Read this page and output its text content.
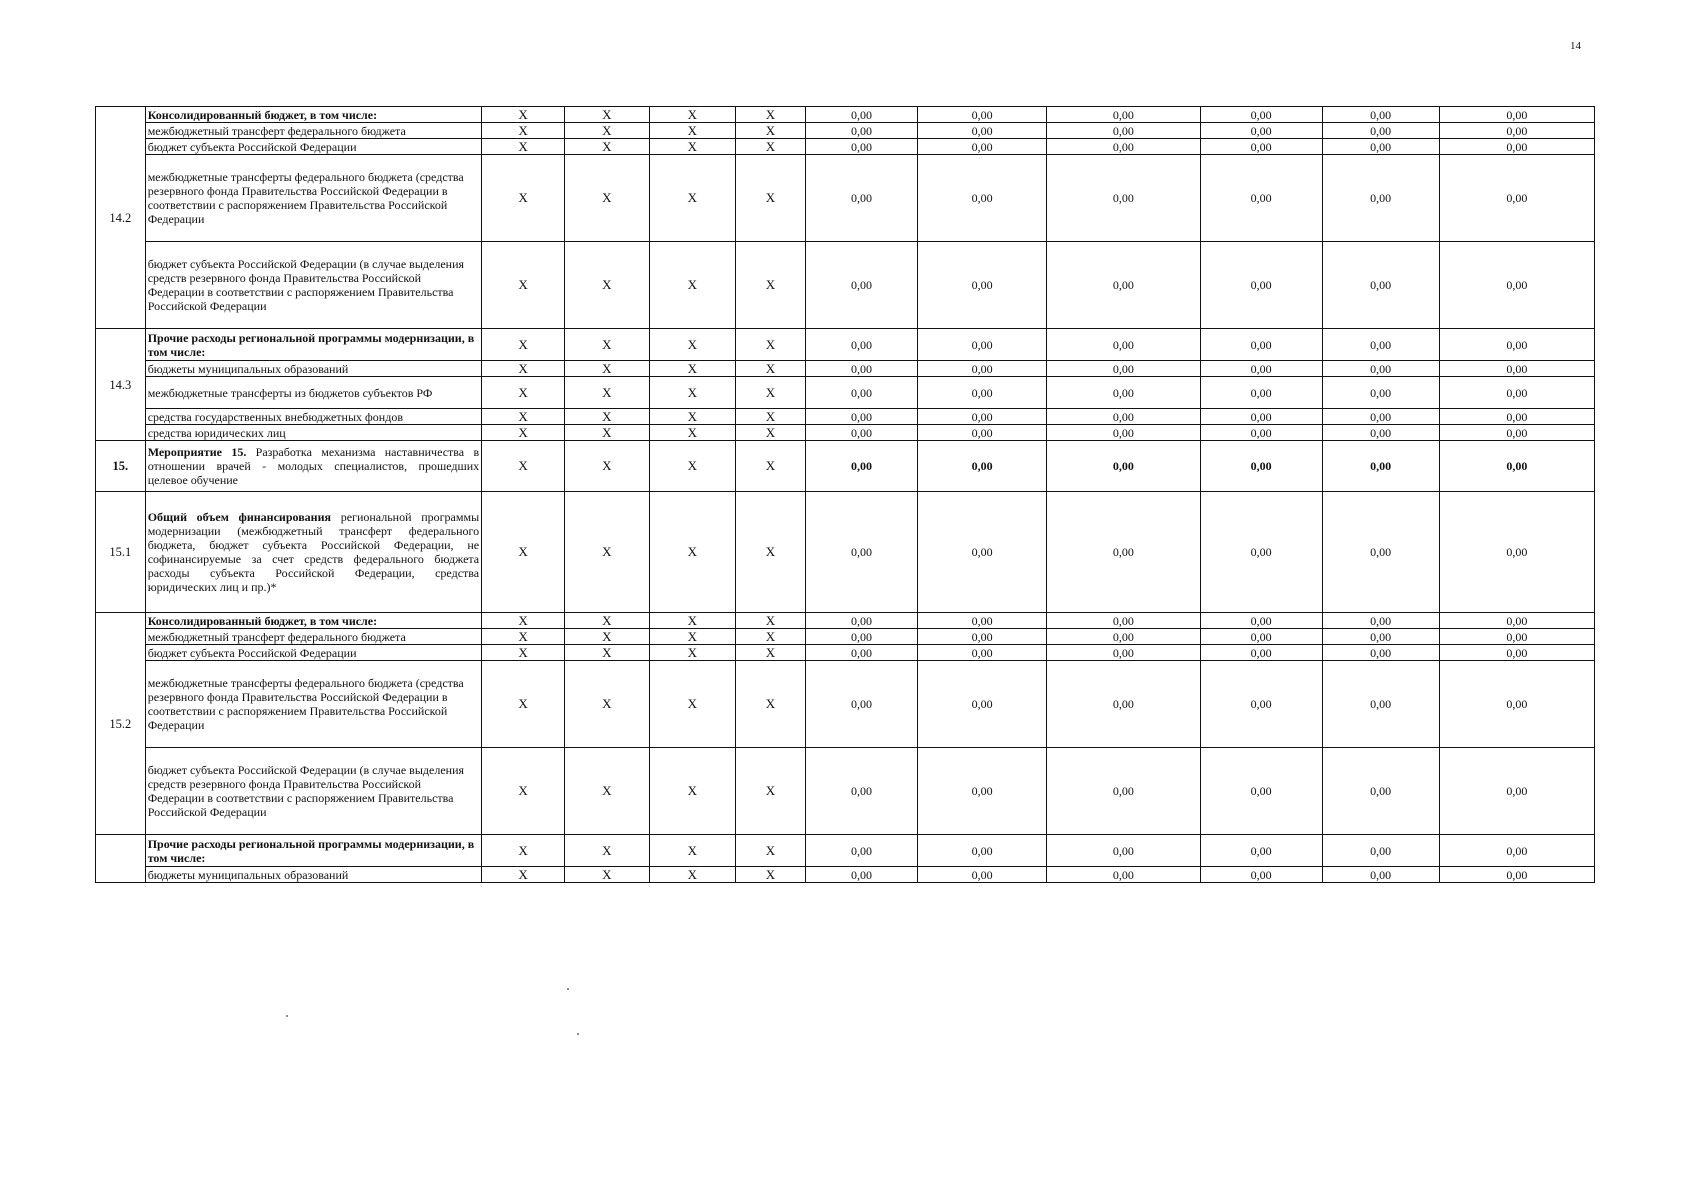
14
14.2	Консолидированный бюджет, в том числе:	X	X	X	X	0,00	0,00	0,00	0,00	0,00	0,00
	межбюджетный трансферт федерального бюджета	X	X	X	X	0,00	0,00	0,00	0,00	0,00	0,00
	бюджет субъекта Российской Федерации	X	X	X	X	0,00	0,00	0,00	0,00	0,00	0,00
	межбюджетные трансферты федерального бюджета (средства резервного фонда Правительства Российской Федерации в соответствии с распоряжением Правительства Российской Федерации	X	X	X	X	0,00	0,00	0,00	0,00	0,00	0,00
	бюджет субъекта Российской Федерации (в случае выделения средств резервного фонда Правительства Российской Федерации в соответствии с распоряжением Правительства Российской Федерации	X	X	X	X	0,00	0,00	0,00	0,00	0,00	0,00
14.3	Прочие расходы региональной программы модернизации, в том числе:	X	X	X	X	0,00	0,00	0,00	0,00	0,00	0,00
	бюджеты муниципальных образований	X	X	X	X	0,00	0,00	0,00	0,00	0,00	0,00
	межбюджетные трансферты из бюджетов субъектов РФ	X	X	X	X	0,00	0,00	0,00	0,00	0,00	0,00
	средства государственных внебюджетных фондов	X	X	X	X	0,00	0,00	0,00	0,00	0,00	0,00
	средства юридических лиц	X	X	X	X	0,00	0,00	0,00	0,00	0,00	0,00
15.	Мероприятие 15. Разработка механизма наставничества в отношении врачей - молодых специалистов, прошедших целевое обучение	X	X	X	X	0,00	0,00	0,00	0,00	0,00	0,00
15.1	Общий объем финансирования региональной программы модернизации (межбюджетный трансферт федерального бюджета, бюджет субъекта Российской Федерации, не софинансируемые за счет средств федерального бюджета расходы субъекта Российской Федерации, средства юридических лиц и пр.)*	X	X	X	X	0,00	0,00	0,00	0,00	0,00	0,00
15.2	Консолидированный бюджет, в том числе:	X	X	X	X	0,00	0,00	0,00	0,00	0,00	0,00
	межбюджетный трансферт федерального бюджета	X	X	X	X	0,00	0,00	0,00	0,00	0,00	0,00
	бюджет субъекта Российской Федерации	X	X	X	X	0,00	0,00	0,00	0,00	0,00	0,00
	межбюджетные трансферты федерального бюджета (средства резервного фонда Правительства Российской Федерации в соответствии с распоряжением Правительства Российской Федерации	X	X	X	X	0,00	0,00	0,00	0,00	0,00	0,00
	бюджет субъекта Российской Федерации (в случае выделения средств резервного фонда Правительства Российской Федерации в соответствии с распоряжением Правительства Российской Федерации	X	X	X	X	0,00	0,00	0,00	0,00	0,00	0,00
	Прочие расходы региональной программы модернизации, в том числе:	X	X	X	X	0,00	0,00	0,00	0,00	0,00	0,00
	бюджеты муниципальных образований	X	X	X	X	0,00	0,00	0,00	0,00	0,00	0,00
